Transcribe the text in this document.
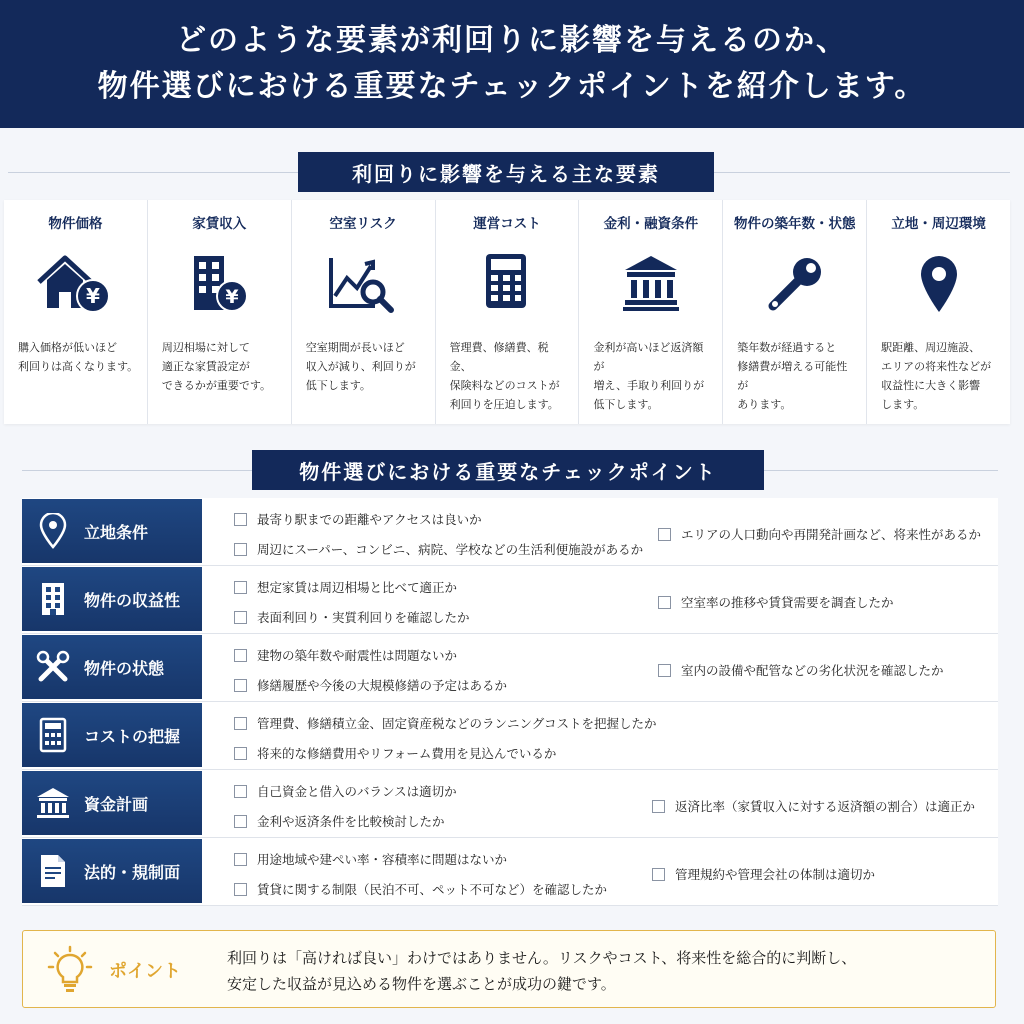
どのような要素が利回りに影響を与えるのか、
物件選びにおける重要なチェックポイントを紹介します。
利回りに影響を与える主な要素
物件価格
¥
購入価格が低いほど
利回りは高くなります。
家賃収入
¥
周辺相場に対して
適正な家賃設定が
できるかが重要です。
空室リスク
空室期間が長いほど
収入が減り、利回りが
低下します。
運営コスト
管理費、修繕費、税金、
保険料などのコストが
利回りを圧迫します。
金利・融資条件
金利が高いほど返済額が
増え、手取り利回りが
低下します。
物件の築年数・状態
築年数が経過すると
修繕費が増える可能性が
あります。
立地・周辺環境
駅距離、周辺施設、
エリアの将来性などが
収益性に大きく影響
します。
物件選びにおける重要なチェックポイント
立地条件
最寄り駅までの距離やアクセスは良いか
周辺にスーパー、コンビニ、病院、学校などの生活利便施設があるか
エリアの人口動向や再開発計画など、将来性があるか
物件の収益性
想定家賃は周辺相場と比べて適正か
表面利回り・実質利回りを確認したか
空室率の推移や賃貸需要を調査したか
物件の状態
建物の築年数や耐震性は問題ないか
修繕履歴や今後の大規模修繕の予定はあるか
室内の設備や配管などの劣化状況を確認したか
コストの把握
管理費、修繕積立金、固定資産税などのランニングコストを把握したか
将来的な修繕費用やリフォーム費用を見込んでいるか
資金計画
自己資金と借入のバランスは適切か
金利や返済条件を比較検討したか
返済比率（家賃収入に対する返済額の割合）は適正か
法的・規制面
用途地域や建ぺい率・容積率に問題はないか
賃貸に関する制限（民泊不可、ペット不可など）を確認したか
管理規約や管理会社の体制は適切か
ポイント
利回りは「高ければ良い」わけではありません。リスクやコスト、将来性を総合的に判断し、
安定した収益が見込める物件を選ぶことが成功の鍵です。
